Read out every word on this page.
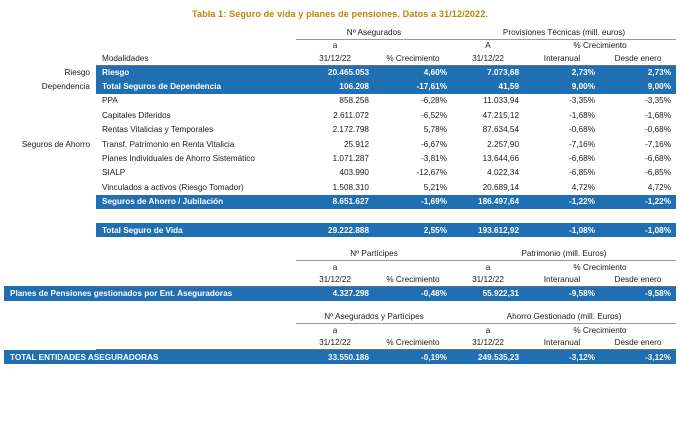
Tabla 1: Seguro de vida y planes de pensiones. Datos a 31/12/2022.
		Nº Asegurados		Provisiones Técnicas (mill. euros)		
		a		A	% Crecimiento	
	Modalidades	31/12/22	% Crecimiento	31/12/22	Interanual	Desde enero
Riesgo	Riesgo	20.465.053	4,60%	7.073,68	2,73%	2,73%
Dependencia	Total Seguros de Dependencia	106.208	-17,61%	41,59	9,00%	9,00%
	PPA	858.258	-6,28%	11.033,94	-3,35%	-3,35%
	Capitales Diferidos	2.611.072	-6,52%	47.215,12	-1,68%	-1,68%
	Rentas Vitalicias y Temporales	2.172.798	5,78%	87.634,54	-0,68%	-0,68%
Seguros de Ahorro	Transf. Patrimonio en Renta Vitalicia	25.912	-6,67%	2.257,90	-7,16%	-7,16%
	Planes Individuales de Ahorro Sistemático	1.071.287	-3,81%	13.644,66	-6,68%	-6,68%
	SIALP	403.990	-12,67%	4.022,34	-6,85%	-6,85%
	Vinculados a activos (Riesgo Tomador)	1.508.310	5,21%	20.689,14	4,72%	4,72%
	Seguros de Ahorro / Jubilación	8.651.627	-1,69%	186.497,64	-1,22%	-1,22%

	Total Seguro de Vida	29.222.888	2,55%	193.612,92	-1,08%	-1,08%

		Nº Partícipes		Patrimonio (mill. Euros)		
		a		a	% Crecimiento	
		31/12/22	% Crecimiento	31/12/22	Interanual	Desde enero
Planes de Pensiones gestionados por Ent. Aseguradoras		4.327.298	-0,48%	55.922,31	-9,58%	-9,58%

		Nº Asegurados y Partícipes		Ahorro Gestionado (mill. Euros)		
		a		a	% Crecimiento	
		31/12/22	% Crecimiento	31/12/22	Interanual	Desde enero
TOTAL ENTIDADES ASEGURADORAS		33.550.186	-0,19%	249.535,23	-3,12%	-3,12%
